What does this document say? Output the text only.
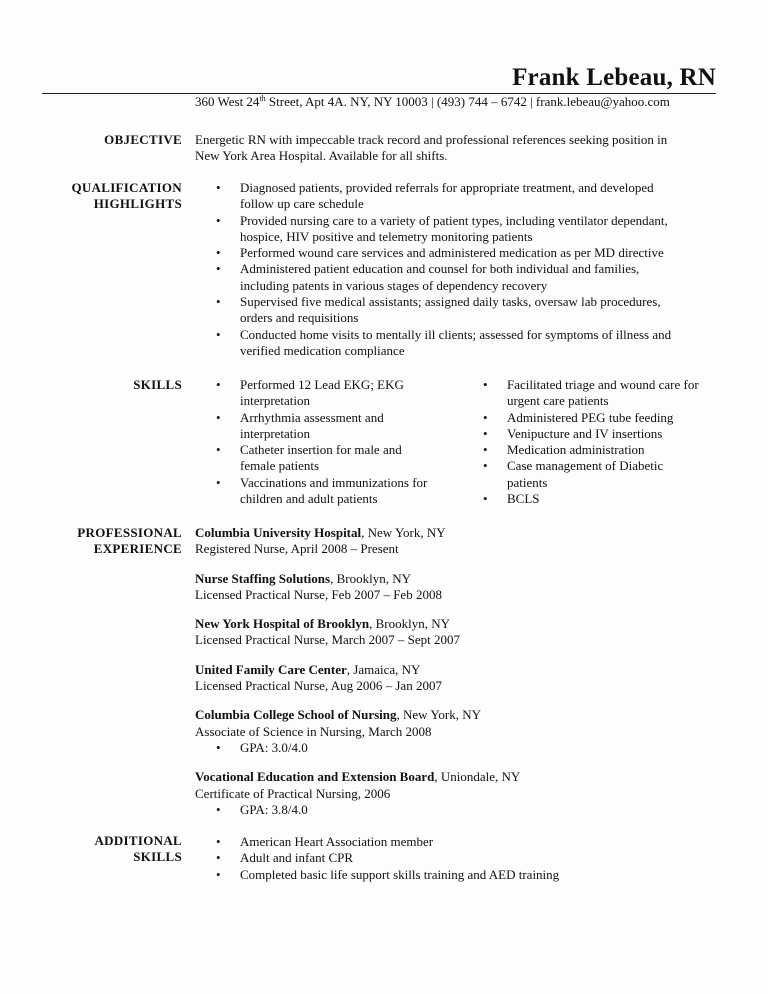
Frank Lebeau, RN
360 West 24th Street, Apt 4A. NY, NY 10003 | (493) 744 – 6742 | frank.lebeau@yahoo.com
OBJECTIVE Energetic RN with impeccable track record and professional references seeking position in
New York Area Hospital. Available for all shifts.
QUALIFICATION
HIGHLIGHTS
• Diagnosed patients, provided referrals for appropriate treatment, and developed
follow up care schedule
• Provided nursing care to a variety of patient types, including ventilator dependant,
hospice, HIV positive and telemetry monitoring patients
• Performed wound care services and administered medication as per MD directive
• Administered patient education and counsel for both individual and families,
including patents in various stages of dependency recovery
• Supervised five medical assistants; assigned daily tasks, oversaw lab procedures,
orders and requisitions
• Conducted home visits to mentally ill clients; assessed for symptoms of illness and
verified medication compliance
SKILLS	• Performed 12 Lead EKG; EKG
interpretation
• Arrhythmia assessment and
interpretation
• Catheter insertion for male and
female patients
• Vaccinations and immunizations for
children and adult patients
• Facilitated triage and wound care for
urgent care patients
• Administered PEG tube feeding
• Venipucture and IV insertions
• Medication administration
• Case management of Diabetic
patients
• BCLS
PROFESSIONAL
EXPERIENCE
Columbia University Hospital, New York, NY
Registered Nurse, April 2008 – Present
Nurse Staffing Solutions, Brooklyn, NY
Licensed Practical Nurse, Feb 2007 – Feb 2008
New York Hospital of Brooklyn, Brooklyn, NY
Licensed Practical Nurse, March 2007 – Sept 2007
United Family Care Center, Jamaica, NY
Licensed Practical Nurse, Aug 2006 – Jan 2007
Columbia College School of Nursing, New York, NY
Associate of Science in Nursing, March 2008
• GPA: 3.0/4.0
Vocational Education and Extension Board, Uniondale, NY
Certificate of Practical Nursing, 2006
• GPA: 3.8/4.0
ADDITIONAL
SKILLS
• American Heart Association member
• Adult and infant CPR
• Completed basic life support skills training and AED training
